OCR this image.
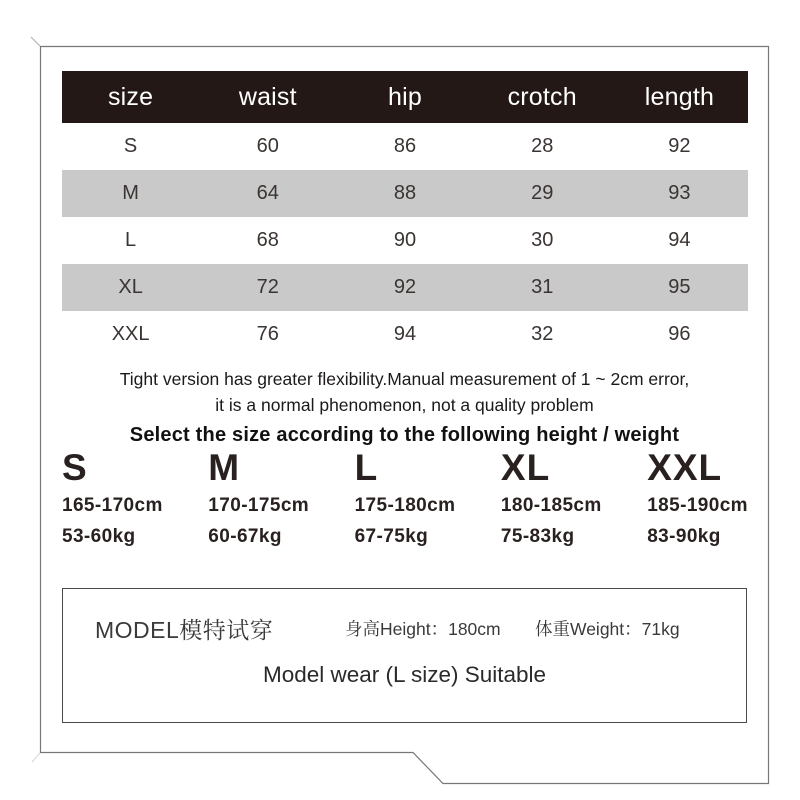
size	waist	hip	crotch	length
S	60	86	28	92
M	64	88	29	93
L	68	90	30	94
XL	72	92	31	95
XXL	76	94	32	96
Tight version has greater flexibility.Manual measurement of 1 ~ 2cm error,
it is a normal phenomenon, not a quality problem
Select the size according to the following height / weight
S
165-170cm
53-60kg
M
170-175cm
60-67kg
L
175-180cm
67-75kg
XL
180-185cm
75-83kg
XXL
185-190cm
83-90kg
MODEL模特试穿	身高Height：180cm 体重Weight：71kg
Model wear (L size) Suitable
